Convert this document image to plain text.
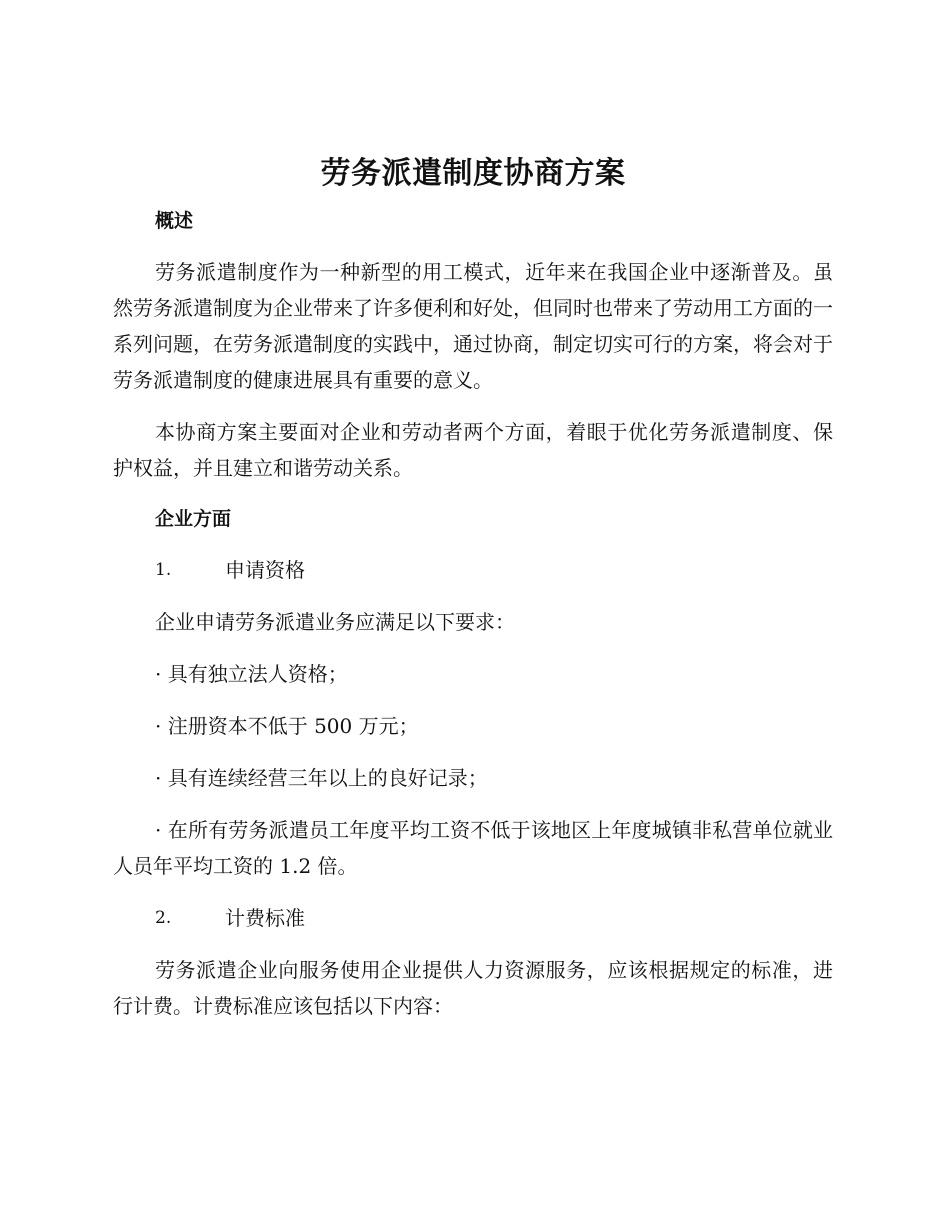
劳务派遣制度协商方案
概述

劳务派遣制度作为一种新型的用工模式，近年来在我国企业中逐渐普及。虽然劳务派遣制度为企业带来了许多便利和好处，但同时也带来了劳动用工方面的一系列问题，在劳务派遣制度的实践中，通过协商，制定切实可行的方案，将会对于劳务派遣制度的健康进展具有重要的意义。

本协商方案主要面对企业和劳动者两个方面，着眼于优化劳务派遣制度、保护权益，并且建立和谐劳动关系。

企业方面
1.	申请资格

企业申请劳务派遣业务应满足以下要求：

· 具有独立法人资格；

· 注册资本不低于 500 万元；

· 具有连续经营三年以上的良好记录；

· 在所有劳务派遣员工年度平均工资不低于该地区上年度城镇非私营单位就业人员年平均工资的 1.2 倍。

2.	计费标准

劳务派遣企业向服务使用企业提供人力资源服务，应该根据规定的标准，进行计费。计费标准应该包括以下内容：
